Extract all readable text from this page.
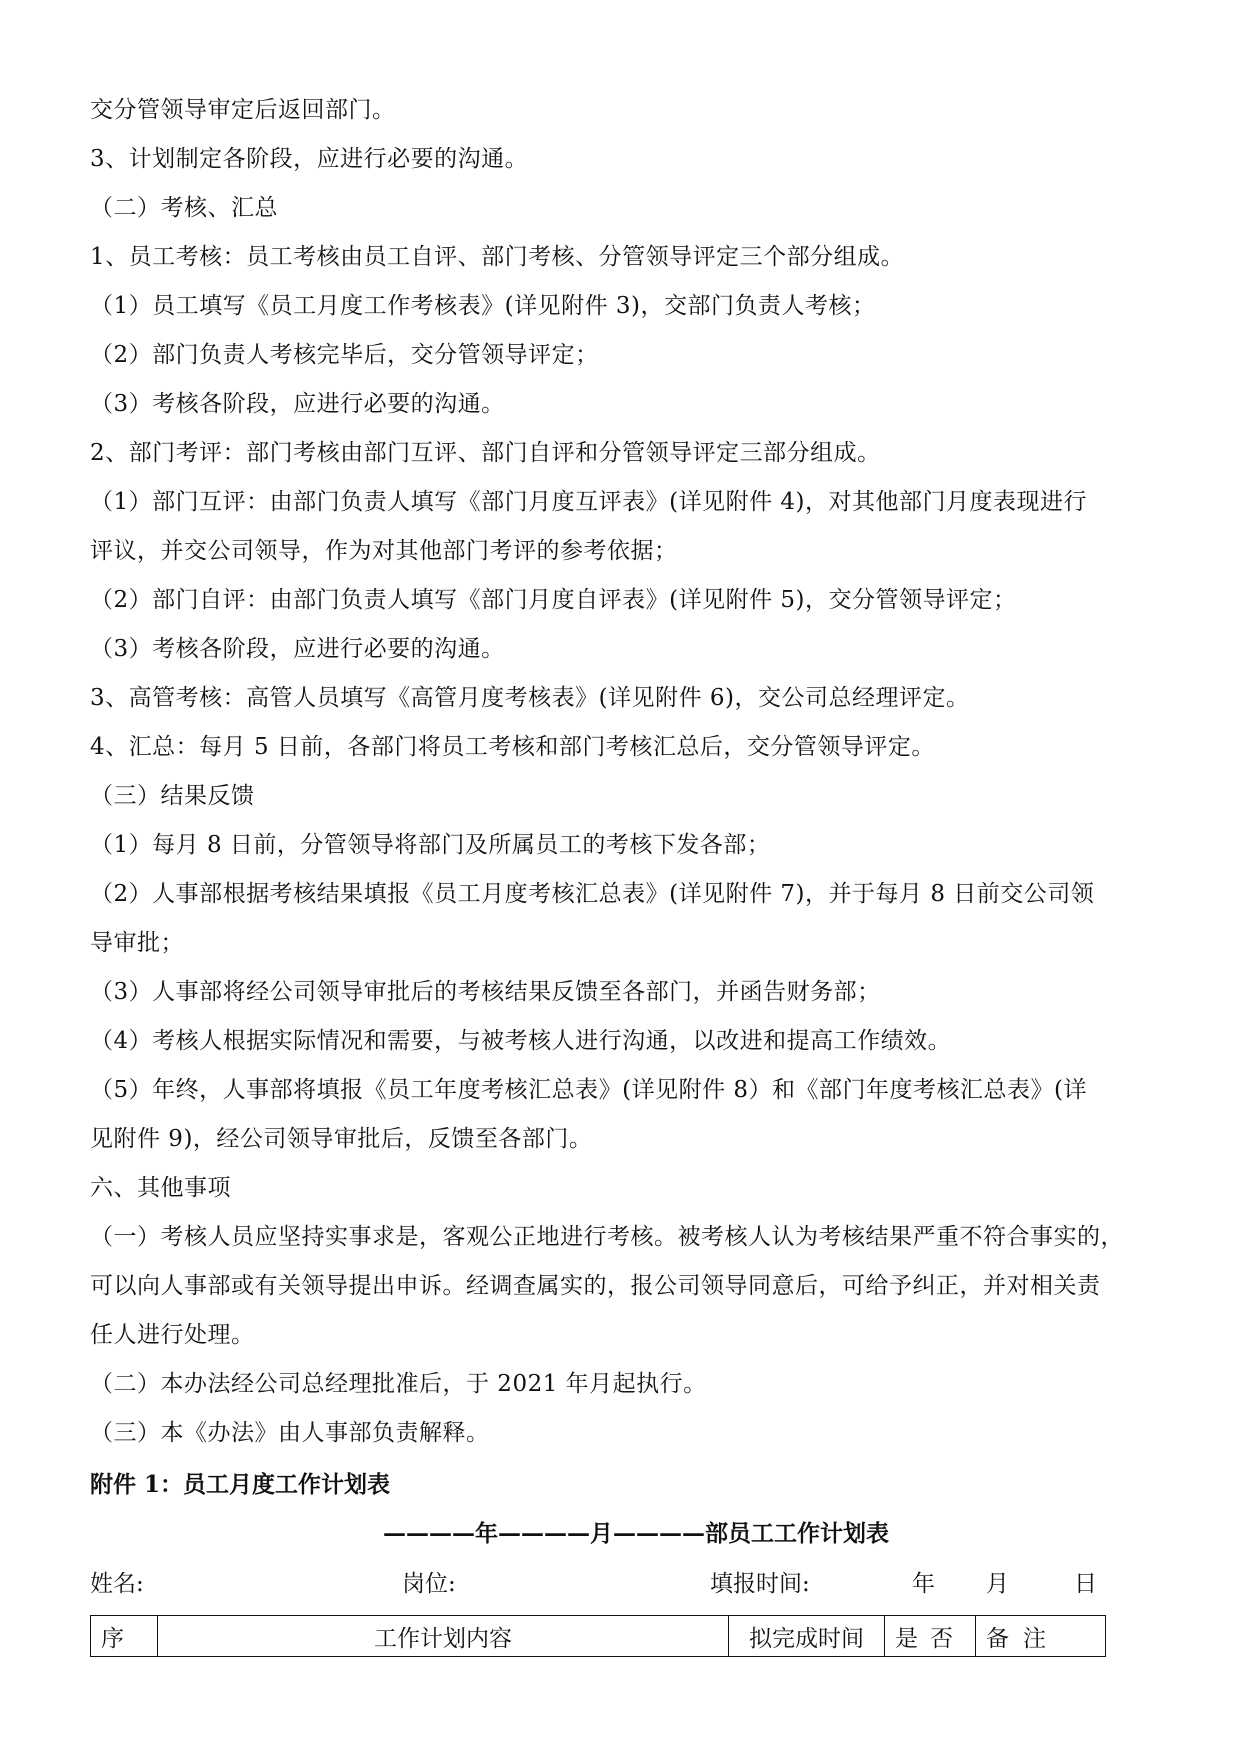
交分管领导审定后返回部门。
3、计划制定各阶段，应进行必要的沟通。
（二）考核、汇总
1、员工考核：员工考核由员工自评、部门考核、分管领导评定三个部分组成。
（1）员工填写《员工月度工作考核表》(详见附件 3)，交部门负责人考核；
（2）部门负责人考核完毕后，交分管领导评定；
（3）考核各阶段，应进行必要的沟通。
2、部门考评：部门考核由部门互评、部门自评和分管领导评定三部分组成。
（1）部门互评：由部门负责人填写《部门月度互评表》(详见附件 4)，对其他部门月度表现进行
评议，并交公司领导，作为对其他部门考评的参考依据；
（2）部门自评：由部门负责人填写《部门月度自评表》(详见附件 5)，交分管领导评定；
（3）考核各阶段，应进行必要的沟通。
3、高管考核：高管人员填写《高管月度考核表》(详见附件 6)，交公司总经理评定。
4、汇总：每月 5 日前，各部门将员工考核和部门考核汇总后，交分管领导评定。
（三）结果反馈
（1）每月 8 日前，分管领导将部门及所属员工的考核下发各部；
（2）人事部根据考核结果填报《员工月度考核汇总表》(详见附件 7)，并于每月 8 日前交公司领
导审批；
（3）人事部将经公司领导审批后的考核结果反馈至各部门，并函告财务部；
（4）考核人根据实际情况和需要，与被考核人进行沟通，以改进和提高工作绩效。
（5）年终，人事部将填报《员工年度考核汇总表》(详见附件 8）和《部门年度考核汇总表》(详
见附件 9)，经公司领导审批后，反馈至各部门。
六、其他事项
（一）考核人员应坚持实事求是，客观公正地进行考核。被考核人认为考核结果严重不符合事实的，
可以向人事部或有关领导提出申诉。经调查属实的，报公司领导同意后，可给予纠正，并对相关责
任人进行处理。
（二）本办法经公司总经理批准后，于 2021 年月起执行。
（三）本《办法》由人事部负责解释。
附件 1：员工月度工作计划表
————年————月————部员工工作计划表
姓名:	岗位:	填报时间:	年 月	日
序	工作计划内容	拟完成时间	是否	备注
